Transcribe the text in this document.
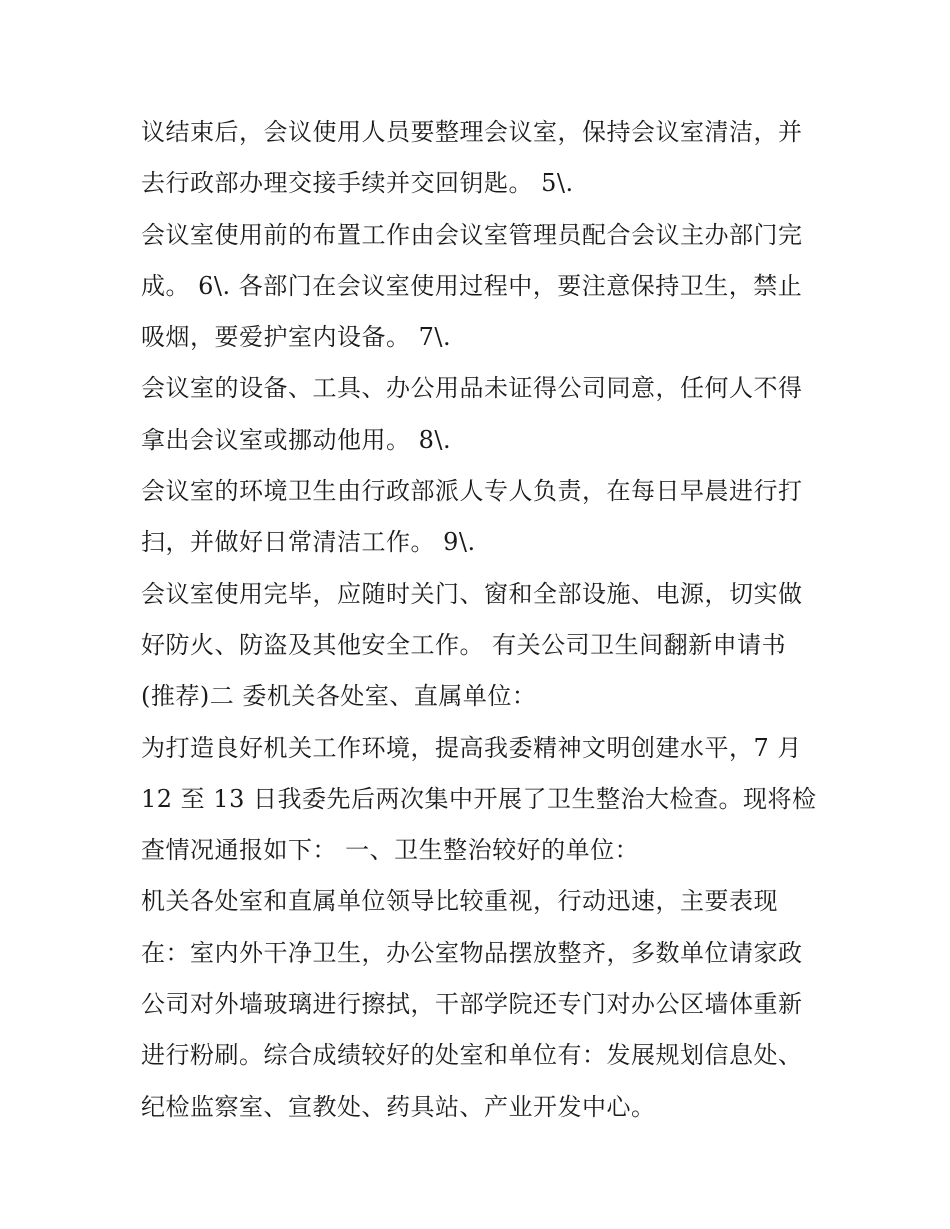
议结束后，会议使用人员要整理会议室，保持会议室清洁，并
去行政部办理交接手续并交回钥匙。 5\.
会议室使用前的布置工作由会议室管理员配合会议主办部门完
成。 6\. 各部门在会议室使用过程中，要注意保持卫生，禁止
吸烟，要爱护室内设备。 7\.
会议室的设备、工具、办公用品未证得公司同意，任何人不得
拿出会议室或挪动他用。 8\.
会议室的环境卫生由行政部派人专人负责，在每日早晨进行打
扫，并做好日常清洁工作。 9\.
会议室使用完毕，应随时关门、窗和全部设施、电源，切实做
好防火、防盗及其他安全工作。 有关公司卫生间翻新申请书
(推荐)二 委机关各处室、直属单位：
为打造良好机关工作环境，提高我委精神文明创建水平，7 月
12 至 13 日我委先后两次集中开展了卫生整治大检查。现将检
查情况通报如下： 一、卫生整治较好的单位：
机关各处室和直属单位领导比较重视，行动迅速，主要表现
在：室内外干净卫生，办公室物品摆放整齐，多数单位请家政
公司对外墙玻璃进行擦拭，干部学院还专门对办公区墙体重新
进行粉刷。综合成绩较好的处室和单位有：发展规划信息处、
纪检监察室、宣教处、药具站、产业开发中心。
